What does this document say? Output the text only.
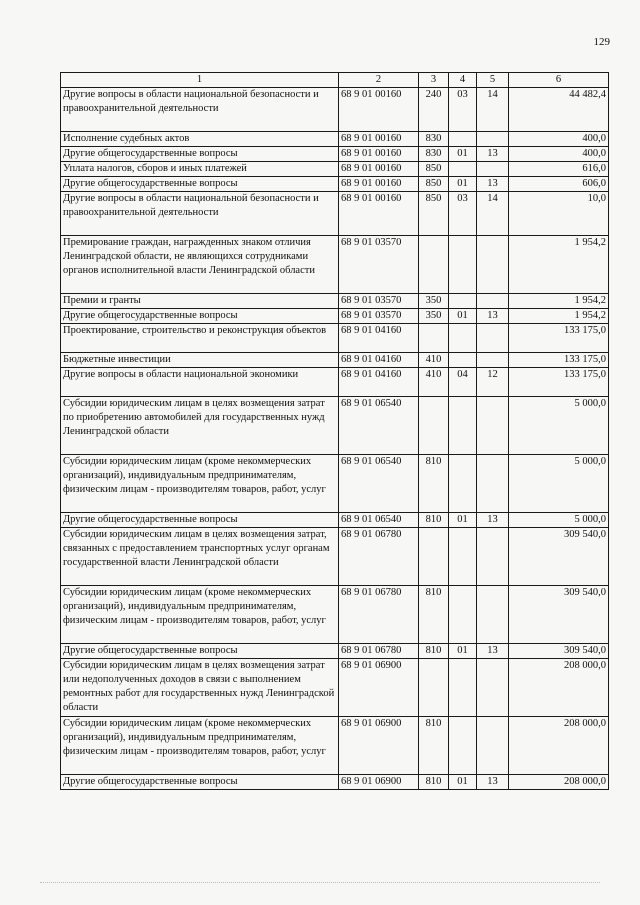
129
1	2	3	4	5	6
Другие вопросы в области национальной безопасности и правоохранительной деятельности	68 9 01 00160	240	03	14	44 482,4
Исполнение судебных актов	68 9 01 00160	830			400,0
Другие общегосударственные вопросы	68 9 01 00160	830	01	13	400,0
Уплата налогов, сборов и иных платежей	68 9 01 00160	850			616,0
Другие общегосударственные вопросы	68 9 01 00160	850	01	13	606,0
Другие вопросы в области национальной безопасности и правоохранительной деятельности	68 9 01 00160	850	03	14	10,0
Премирование граждан, награжденных знаком отличия Ленинградской области, не являющихся сотрудниками органов исполнительной власти Ленинградской области	68 9 01 03570				1 954,2
Премии и гранты	68 9 01 03570	350			1 954,2
Другие общегосударственные вопросы	68 9 01 03570	350	01	13	1 954,2
Проектирование, строительство и реконструкция объектов	68 9 01 04160				133 175,0
Бюджетные инвестиции	68 9 01 04160	410			133 175,0
Другие вопросы в области национальной экономики	68 9 01 04160	410	04	12	133 175,0
Субсидии юридическим лицам в целях возмещения затрат по приобретению автомобилей для государственных нужд Ленинградской области	68 9 01 06540				5 000,0
Субсидии юридическим лицам (кроме некоммерческих организаций), индивидуальным предпринимателям, физическим лицам - производителям товаров, работ, услуг	68 9 01 06540	810			5 000,0
Другие общегосударственные вопросы	68 9 01 06540	810	01	13	5 000,0
Субсидии юридическим лицам в целях возмещения затрат, связанных с предоставлением транспортных услуг органам государственной власти Ленинградской области	68 9 01 06780				309 540,0
Субсидии юридическим лицам (кроме некоммерческих организаций), индивидуальным предпринимателям, физическим лицам - производителям товаров, работ, услуг	68 9 01 06780	810			309 540,0
Другие общегосударственные вопросы	68 9 01 06780	810	01	13	309 540,0
Субсидии юридическим лицам в целях возмещения затрат или недополученных доходов в связи с выполнением ремонтных работ для государственных нужд Ленинградской области	68 9 01 06900				208 000,0
Субсидии юридическим лицам (кроме некоммерческих организаций), индивидуальным предпринимателям, физическим лицам - производителям товаров, работ, услуг	68 9 01 06900	810			208 000,0
Другие общегосударственные вопросы	68 9 01 06900	810	01	13	208 000,0
